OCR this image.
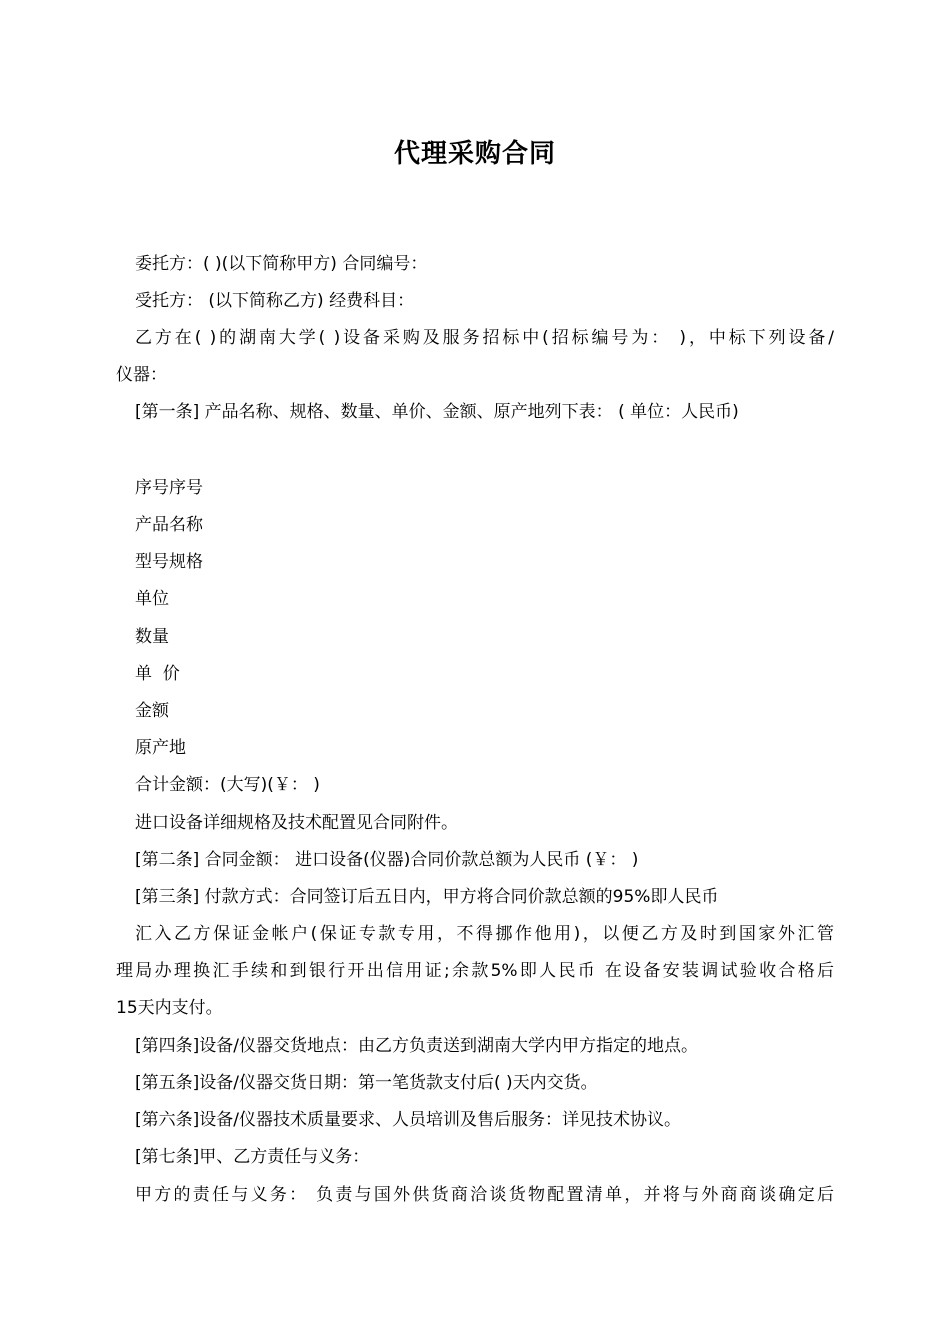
代理采购合同
委托方：( )(以下简称甲方) 合同编号：
受托方： (以下简称乙方) 经费科目：
乙方在( )的湖南大学( )设备采购及服务招标中(招标编号为： )，中标下列设备/
仪器：
[第一条] 产品名称、规格、数量、单价、金额、原产地列下表： ( 单位：人民币)
序号序号
产品名称
型号规格
单位
数量
单  价
金额
原产地
合计金额：(大写)(￥： )
进口设备详细规格及技术配置见合同附件。
[第二条] 合同金额： 进口设备(仪器)合同价款总额为人民币 (￥： )
[第三条] 付款方式：合同签订后五日内，甲方将合同价款总额的95%即人民币
汇入乙方保证金帐户(保证专款专用，不得挪作他用)，以便乙方及时到国家外汇管
理局办理换汇手续和到银行开出信用证;余款5%即人民币 在设备安装调试验收合格后
15天内支付。
[第四条]设备/仪器交货地点：由乙方负责送到湖南大学内甲方指定的地点。
[第五条]设备/仪器交货日期：第一笔货款支付后( )天内交货。
[第六条]设备/仪器技术质量要求、人员培训及售后服务：详见技术协议。
[第七条]甲、乙方责任与义务：
甲方的责任与义务： 负责与国外供货商洽谈货物配置清单，并将与外商商谈确定后
